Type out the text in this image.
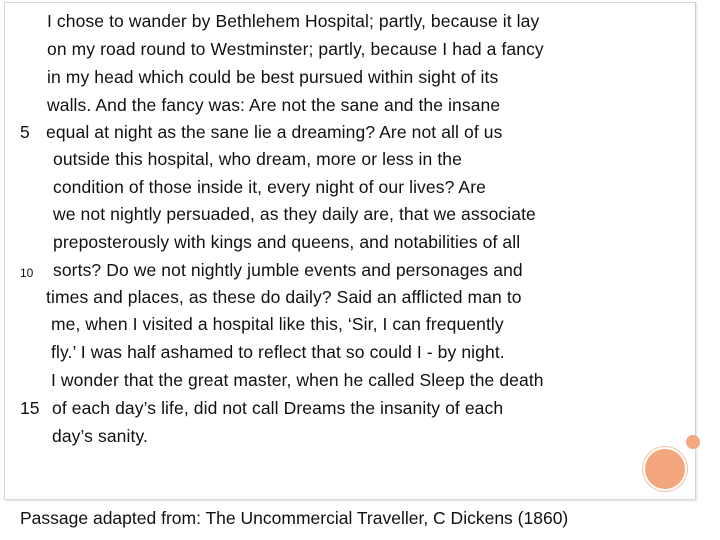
I chose to wander by Bethlehem Hospital; partly, because it lay
on my road round to Westminster; partly, because I had a fancy
in my head which could be best pursued within sight of its
walls. And the fancy was: Are not the sane and the insane
equal at night as the sane lie a dreaming? Are not all of us
outside this hospital, who dream, more or less in the
condition of those inside it, every night of our lives? Are
we not nightly persuaded, as they daily are, that we associate
preposterously with kings and queens, and notabilities of all
sorts? Do we not nightly jumble events and personages and
times and places, as these do daily? Said an afflicted man to
me, when I visited a hospital like this, ‘Sir, I can frequently
fly.’ I was half ashamed to reflect that so could I - by night.
I wonder that the great master, when he called Sleep the death
of each day’s life, did not call Dreams the insanity of each
day’s sanity.
5
10
15
Passage adapted from: The Uncommercial Traveller, C Dickens (1860)
